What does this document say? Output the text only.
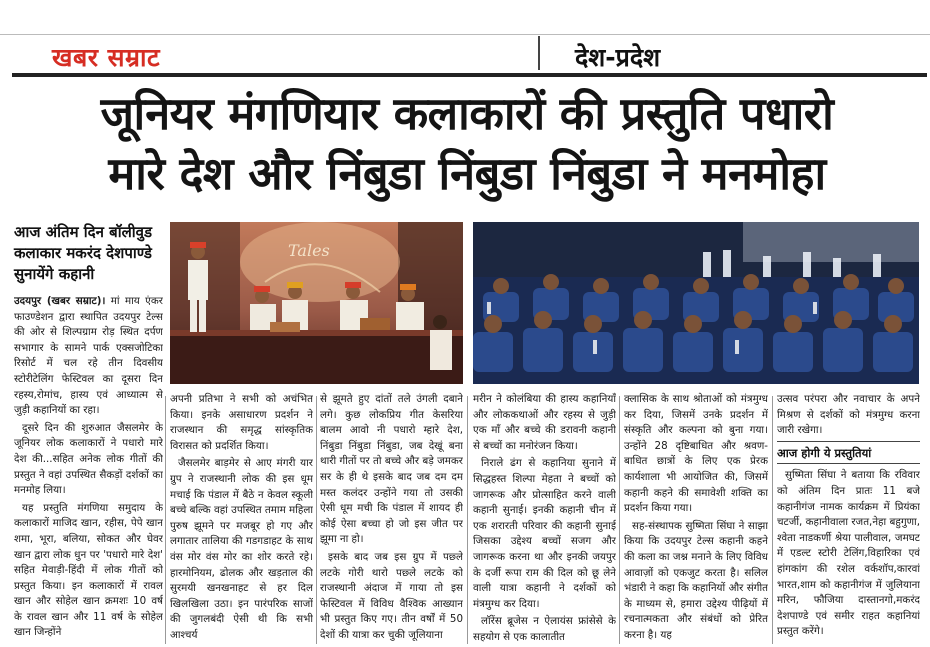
खबर सम्राट	देश-प्रदेश
जूनियर मंगणियार कलाकारों की प्रस्तुति पधारो
मारे देश और निंबुडा निंबुडा निंबुडा ने मनमोहा
आज अंतिम दिन बॉलीवुड कलाकार मकरंद देशपाण्डे सुनायेंगे कहानी
Tales

उदयपुर (खबर सम्राट)। मां माय एंकर फाउण्डेशन द्वारा स्थापित उदयपुर टेल्स की ओर से शिल्पग्राम रोड़ स्थित दर्पण सभागार के सामने पार्क एक्सजोटिका रिसोर्ट में चल रहे तीन दिवसीय स्टोरीटेलिंग फेस्टिवल का दूसरा दिन रहस्य,रोमांच, हास्य एवं आध्यात्म से जुड़ी कहानियों का रहा।

दूसरे दिन की शुरुआत जैसलमेर के जूनियर लोक कलाकारों ने पधारो मारे देश की...सहित अनेक लोक गीतों की प्रस्तुत ने वहां उपस्थित सैकड़ों दर्शकों का मनमोह लिया।

यह प्रस्तुति मंगणिया समुदाय के कलाकारों माजिद खान, रहीस, पेपे खान शमा, भूरा, बलिया, सोकत और घेवर खान द्वारा लोक धुन पर 'पधारो मारे देश' सहित मेवाड़ी-हिंदी में लोक गीतों को प्रस्तुत किया। इन कलाकारों में रावल खान और सोहेल खान क्रमशः 10 वर्ष के रावल खान और 11 वर्ष के सोहेल खान जिन्होंने

अपनी प्रतिभा ने सभी को अचंभित किया। इनके असाधारण प्रदर्शन ने राजस्थान की समृद्ध सांस्कृतिक विरासत को प्रदर्शित किया।

जैसलमेर बाड़मेर से आए मंगरी यार ग्रुप ने राजस्थानी लोक की इस धूम मचाई कि पंडाल में बैठे न केवल स्कूली बच्चे बल्कि वहां उपस्थित तमाम महिला पुरुष झूमने पर मजबूर हो गए और लगातार तालिया की गडगडाहट के साथ वंस मोर वंस मोर का शोर करते रहे। हारमोनियम, ढोलक और खड़ताल की सुरमयी खनखनाहट से हर दिल खिलखिला उठा। इन पारंपरिक साजों की जुगलबंदी ऐसी थी कि सभी आश्चर्य

से झूमते हुए दांतों तले उंगली दबाने लगे। कुछ लोकप्रिय गीत केसरिया बालम आवो नी पधारो म्हारे देश, निंबुडा निंबुडा निंबुडा, जब देखूं बना थारी गीतों पर तो बच्चे और बड़े जमकर सर के ही थे इसके बाद जब दम दम मस्त कलंदर उन्होंने गया तो उसकी ऐसी धूम मची कि पंडाल में शायद ही कोई ऐसा बच्चा हो जो इस जीत पर झूमा ना हो।

इसके बाद जब इस ग्रुप में पछ्ले लटके गोरी थारो पछ्ले लटके को राजस्थानी अंदाज में गाया तो इस फेस्टिवल में विविध वैश्विक आख्यान भी प्रस्तुत किए गए। तीन वर्षों में 50 देशों की यात्रा कर चुकी जूलियाना

मरीन ने कोलंबिया की हास्य कहानियाँ और लोककथाओं और रहस्य से जुड़ी एक माँ और बच्चे की डरावनी कहानी से बच्चों का मनोरंजन किया।

निराले ढंग से कहानिया सुनाने में सिद्धहस्त शिल्पा मेहता ने बच्चों को जागरूक और प्रोत्साहित करने वाली कहानी सुनाई। इनकी कहानी चीन में एक शरारती परिवार की कहानी सुनाई जिसका उद्देश्य बच्चों सजग और जागरूक करना था और इनकी जयपुर के दर्जी रूपा राम की दिल को छू लेने वाली यात्रा कहानी ने दर्शकों को मंत्रमुग्ध कर दिया।

लॉरेंस ब्रूजेस न ऐलायंस फ्रांसेसे के सहयोग से एक कालातीत

क्लासिक के साथ श्रोताओं को मंत्रमुग्ध कर दिया, जिसमें उनके प्रदर्शन में संस्कृति और कल्पना को बुना गया। उन्होंने 28 दृष्टिबाधित और श्रवण-बाधित छात्रों के लिए एक प्रेरक कार्यशाला भी आयोजित की, जिसमें कहानी कहने की समावेशी शक्ति का प्रदर्शन किया गया।

सह-संस्थापक सुष्मिता सिंघा ने साझा किया कि उदयपुर टेल्स कहानी कहने की कला का जश्न मनाने के लिए विविध आवाज़ों को एकजुट करता है। सलिल भंडारी ने कहा कि कहानियों और संगीत के माध्यम से, हमारा उद्देश्य पीढ़ियों में रचनात्मकता और संबंधों को प्रेरित करना है। यह

उत्सव परंपरा और नवाचार के अपने मिश्रण से दर्शकों को मंत्रमुग्ध करना जारी रखेगा।

आज होगी ये प्रस्तुतियां

सुष्मिता सिंघा ने बताया कि रविवार को अंतिम दिन प्रातः 11 बजे कहानीगंज नामक कार्यक्रम में प्रियंका चटर्जी, कहानीवाला रजत,नेहा बहुगुणा, श्वेता नाडकर्णी श्रेया पालीवाल, जमघट में एडल्ट स्टोरी टेलिंग,विहारिका एवं हांगकांग की रशेल वर्कशॉप,कारवां भारत,शाम को कहानीगंज में जुलियाना मरिन, फौजिया दास्तानगो,मकरंद देशपाण्डे एवं समीर राहत कहानियां प्रस्तुत करेंगे।
